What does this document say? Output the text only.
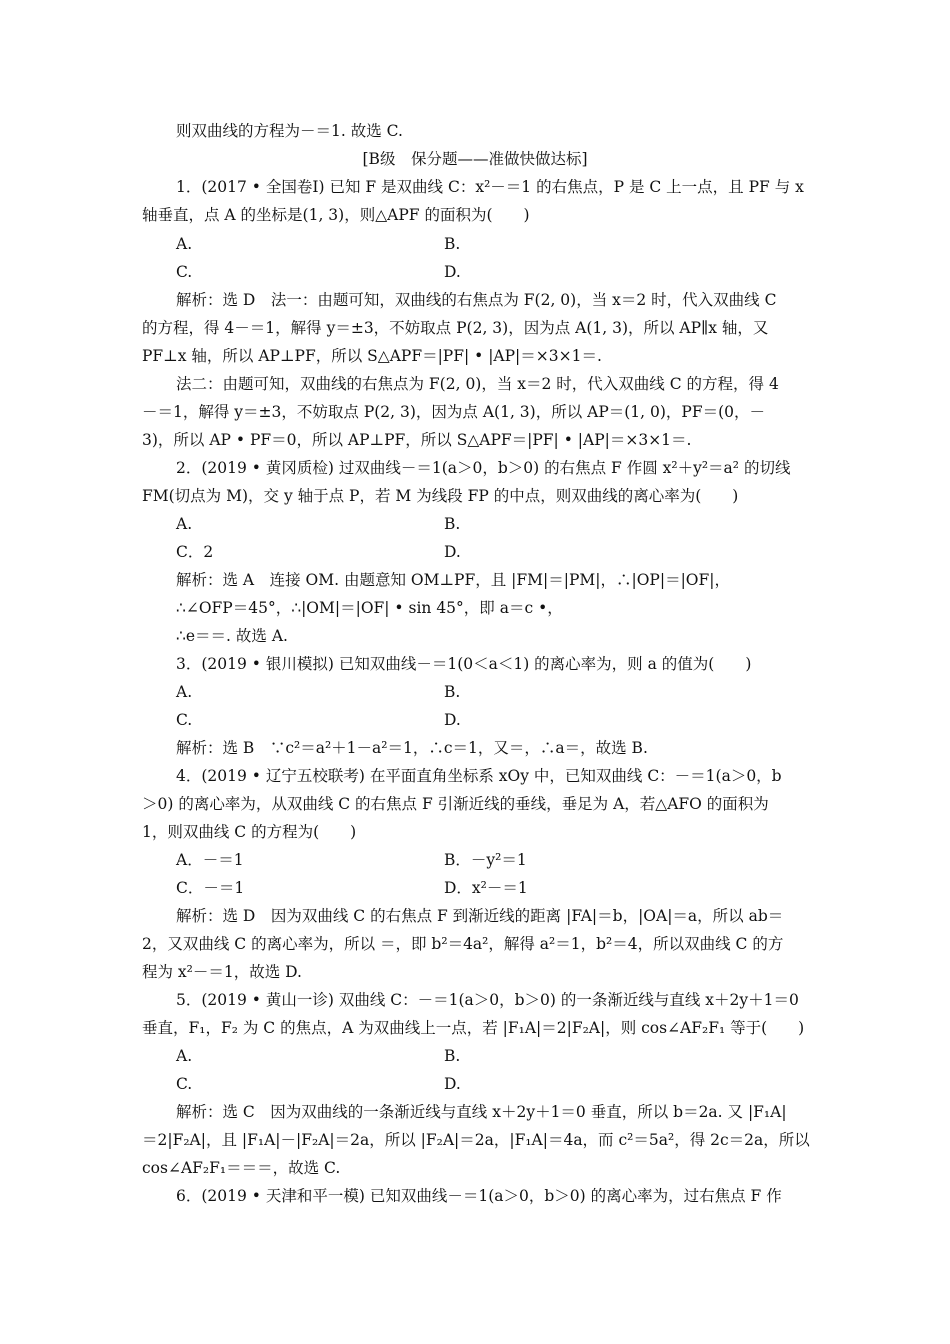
则双曲线的方程为－＝1. 故选 C.
[B级　保分题——准做快做达标]
1．(2017 • 全国卷Ⅰ) 已知 F 是双曲线 C：x²－＝1 的右焦点，P 是 C 上一点，且 PF 与 x
轴垂直，点 A 的坐标是(1, 3)，则△APF 的面积为(　　)
A.	B.
C.	D.
解析：选 D　法一：由题可知，双曲线的右焦点为 F(2, 0)，当 x＝2 时，代入双曲线 C
的方程，得 4－＝1，解得 y＝±3，不妨取点 P(2, 3)，因为点 A(1, 3)，所以 AP∥x 轴，又
PF⊥x 轴，所以 AP⊥PF，所以 S△APF＝|PF| • |AP|＝×3×1＝.
法二：由题可知，双曲线的右焦点为 F(2, 0)，当 x＝2 时，代入双曲线 C 的方程，得 4
－＝1，解得 y＝±3，不妨取点 P(2, 3)，因为点 A(1, 3)，所以 AP＝(1, 0)，PF＝(0，－
3)，所以 AP • PF＝0，所以 AP⊥PF，所以 S△APF＝|PF| • |AP|＝×3×1＝.
2．(2019 • 黄冈质检) 过双曲线－＝1(a＞0，b＞0) 的右焦点 F 作圆 x²＋y²＝a² 的切线
FM(切点为 M)，交 y 轴于点 P，若 M 为线段 FP 的中点，则双曲线的离心率为(　　)
A.	B.
C．2	D.
解析：选 A　连接 OM. 由题意知 OM⊥PF，且 |FM|＝|PM|，∴|OP|＝|OF|，
∴∠OFP＝45°，∴|OM|＝|OF| • sin 45°，即 a＝c •，
∴e＝＝. 故选 A.
3．(2019 • 银川模拟) 已知双曲线－＝1(0＜a＜1) 的离心率为，则 a 的值为(　　)
A.	B.
C.	D.
解析：选 B　∵c²＝a²＋1－a²＝1，∴c＝1，又＝，∴a＝，故选 B.
4．(2019 • 辽宁五校联考) 在平面直角坐标系 xOy 中，已知双曲线 C：－＝1(a＞0，b
＞0) 的离心率为，从双曲线 C 的右焦点 F 引渐近线的垂线，垂足为 A，若△AFO 的面积为
1，则双曲线 C 的方程为(　　)
A．－＝1	B．－y²＝1
C．－＝1	D．x²－＝1
解析：选 D　因为双曲线 C 的右焦点 F 到渐近线的距离 |FA|＝b，|OA|＝a，所以 ab＝
2，又双曲线 C 的离心率为，所以 ＝，即 b²＝4a²，解得 a²＝1，b²＝4，所以双曲线 C 的方
程为 x²－＝1，故选 D.
5．(2019 • 黄山一诊) 双曲线 C：－＝1(a＞0，b＞0) 的一条渐近线与直线 x＋2y＋1＝0
垂直，F₁，F₂ 为 C 的焦点，A 为双曲线上一点，若 |F₁A|＝2|F₂A|，则 cos∠AF₂F₁ 等于(　　)
A.	B.
C.	D.
解析：选 C　因为双曲线的一条渐近线与直线 x＋2y＋1＝0 垂直，所以 b＝2a. 又 |F₁A|
＝2|F₂A|，且 |F₁A|－|F₂A|＝2a，所以 |F₂A|＝2a，|F₁A|＝4a，而 c²＝5a²，得 2c＝2a，所以
cos∠AF₂F₁＝＝＝，故选 C.
6．(2019 • 天津和平一模) 已知双曲线－＝1(a＞0，b＞0) 的离心率为，过右焦点 F 作
